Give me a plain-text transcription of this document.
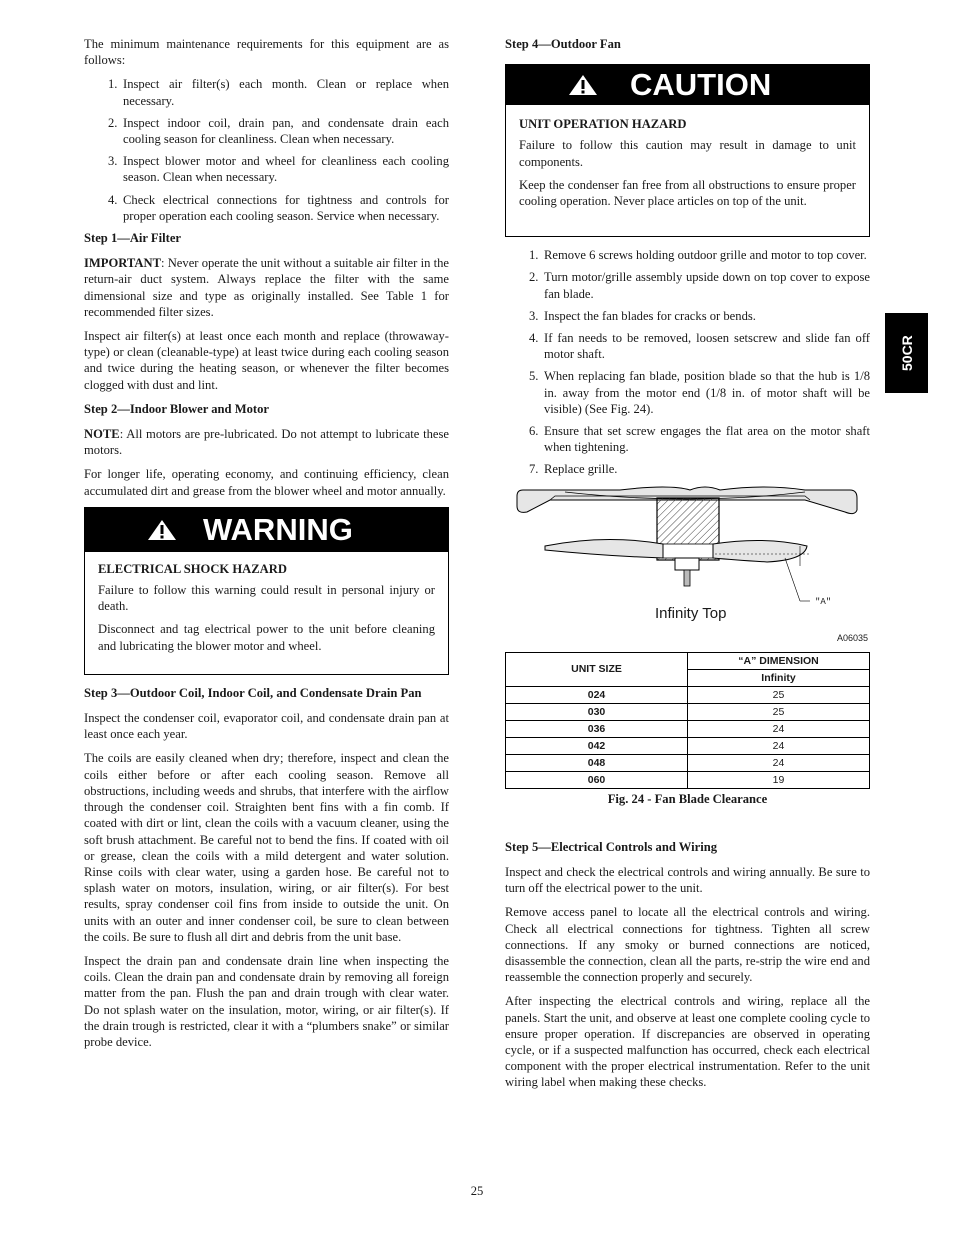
The minimum maintenance requirements for this equipment are as follows:

1. Inspect air filter(s) each month. Clean or replace when necessary.
2. Inspect indoor coil, drain pan, and condensate drain each cooling season for cleanliness. Clean when necessary.
3. Inspect blower motor and wheel for cleanliness each cooling season. Clean when necessary.
4. Check electrical connections for tightness and controls for proper operation each cooling season. Service when necessary.
Step 1—Air Filter

IMPORTANT: Never operate the unit without a suitable air filter in the return-air duct system. Always replace the filter with the same dimensional size and type as originally installed. See Table 1 for recommended filter sizes.

Inspect air filter(s) at least once each month and replace (throwaway-type) or clean (cleanable-type) at least twice during each cooling season and twice during the heating season, or whenever the filter becomes clogged with dust and lint.

Step 2—Indoor Blower and Motor

NOTE: All motors are pre-lubricated. Do not attempt to lubricate these motors.

For longer life, operating economy, and continuing efficiency, clean accumulated dirt and grease from the blower wheel and motor annually.

WARNING

ELECTRICAL SHOCK HAZARD

Failure to follow this warning could result in personal injury or death.

Disconnect and tag electrical power to the unit before cleaning and lubricating the blower motor and wheel.

Step 3—Outdoor Coil, Indoor Coil, and Condensate Drain Pan

Inspect the condenser coil, evaporator coil, and condensate drain pan at least once each year.

The coils are easily cleaned when dry; therefore, inspect and clean the coils either before or after each cooling season. Remove all obstructions, including weeds and shrubs, that interfere with the airflow through the condenser coil. Straighten bent fins with a fin comb. If coated with dirt or lint, clean the coils with a vacuum cleaner, using the soft brush attachment. Be careful not to bend the fins. If coated with oil or grease, clean the coils with a mild detergent and water solution. Rinse coils with clear water, using a garden hose. Be careful not to splash water on motors, insulation, wiring, or air filter(s). For best results, spray condenser coil fins from inside to outside the unit. On units with an outer and inner condenser coil, be sure to clean between the coils. Be sure to flush all dirt and debris from the unit base.

Inspect the drain pan and condensate drain line when inspecting the coils. Clean the drain pan and condensate drain by removing all foreign matter from the pan. Flush the pan and drain trough with clear water. Do not splash water on the insulation, motor, wiring, or air filter(s). If the drain trough is restricted, clear it with a “plumbers snake” or similar probe device.

Step 4—Outdoor Fan
CAUTION

UNIT OPERATION HAZARD

Failure to follow this caution may result in damage to unit components.

Keep the condenser fan free from all obstructions to ensure proper cooling operation. Never place articles on top of the unit.

1. Remove 6 screws holding outdoor grille and motor to top cover.
2. Turn motor/grille assembly upside down on top cover to expose fan blade.
3. Inspect the fan blades for cracks or bends.
4. If fan needs to be removed, loosen setscrew and slide fan off motor shaft.
5. When replacing fan blade, position blade so that the hub is 1/8 in. away from the motor end (1/8 in. of motor shaft will be visible) (See Fig. 24).
6. Ensure that set screw engages the flat area on the motor shaft when tightening.
7. Replace grille.
"A"
Infinity Top
A06035
UNIT SIZE	“A” DIMENSION
	Infinity
024	25
030	25
036	24
042	24
048	24
060	19
Fig. 24 - Fan Blade Clearance
Step 5—Electrical Controls and Wiring

Inspect and check the electrical controls and wiring annually. Be sure to turn off the electrical power to the unit.

Remove access panel to locate all the electrical controls and wiring. Check all electrical connections for tightness. Tighten all screw connections. If any smoky or burned connections are noticed, disassemble the connection, clean all the parts, re-strip the wire end and reassemble the connection properly and securely.

After inspecting the electrical controls and wiring, replace all the panels. Start the unit, and observe at least one complete cooling cycle to ensure proper operation. If discrepancies are observed in operating cycle, or if a suspected malfunction has occurred, check each electrical component with the proper electrical instrumentation. Refer to the unit wiring label when making these checks.

50CR
25
